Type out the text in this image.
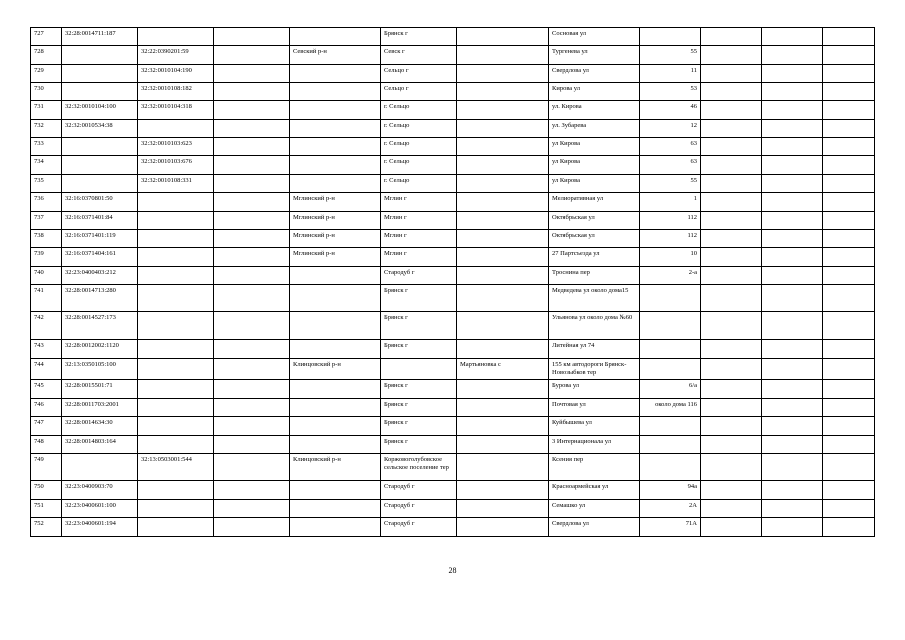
727	32:28:0014711:187				Брянск г		Сосновая ул				
728		32:22:0390201:59		Севский р-н	Севск г		Тургенева ул	55			
729		32:32:0010104:190			Сельцо г		Свердлова ул	11			
730		32:32:0010108:182			Сельцо г		Кирова ул	53			
731	32:32:0010104:100	32:32:0010104:318			г. Сельцо		ул. Кирова	46			
732	32:32:0010534:38				г. Сельцо		ул. Зубарева	12			
733		32:32:0010103:623			г. Сельцо		ул Кирова	63			
734		32:32:0010103:676			г. Сельцо		ул Кирова	63			
735		32:32:0010108:331			г. Сельцо		ул Кирова	55			
736	32:16:0370801:50			Мглинский р-н	Мглин г		Мелиоративная ул	1			
737	32:16:0371401:84			Мглинский р-н	Мглин г		Октябрьская ул	112			
738	32:16:0371401:119			Мглинский р-н	Мглин г		Октябрьская ул	112			
739	32:16:0371404:161			Мглинский р-н	Мглин г		27 Партсъезда ул	10			
740	32:23:0400403:212				Стародуб г		Троснина пер	2-а			
741	32:28:0014713:280				Брянск г		Медведева ул около дома15				
742	32:28:0014527:173				Брянск г		Ульянова ул около дома №60				
743	32:28:0012002:1120				Брянск г		Литейная ул 74				
744	32:13:0350105:100			Клинцовский р-н		Мартьяновка с	155 км автодороги Брянск-Новозыбков тер				
745	32:28:0015501:71				Брянск г		Бурова ул	6/а			
746	32:28:0011703:2001				Брянск г		Почтовая ул	около дома 116			
747	32:28:0014634:30				Брянск г		Куйбышева ул				
748	32:28:0014803:164				Брянск г		3 Интернационала ул				
749		32:13:0503001:544		Клинцовский р-н	Коржовоголубовское сельское поселение тер		Ксения пер				
750	32:23:0400903:70				Стародуб г		Красноармейская ул	94а			
751	32:23:0400601:100				Стародуб г		Семашко ул	2А			
752	32:23:0400601:194				Стародуб г		Свердлова ул	71А			
28
